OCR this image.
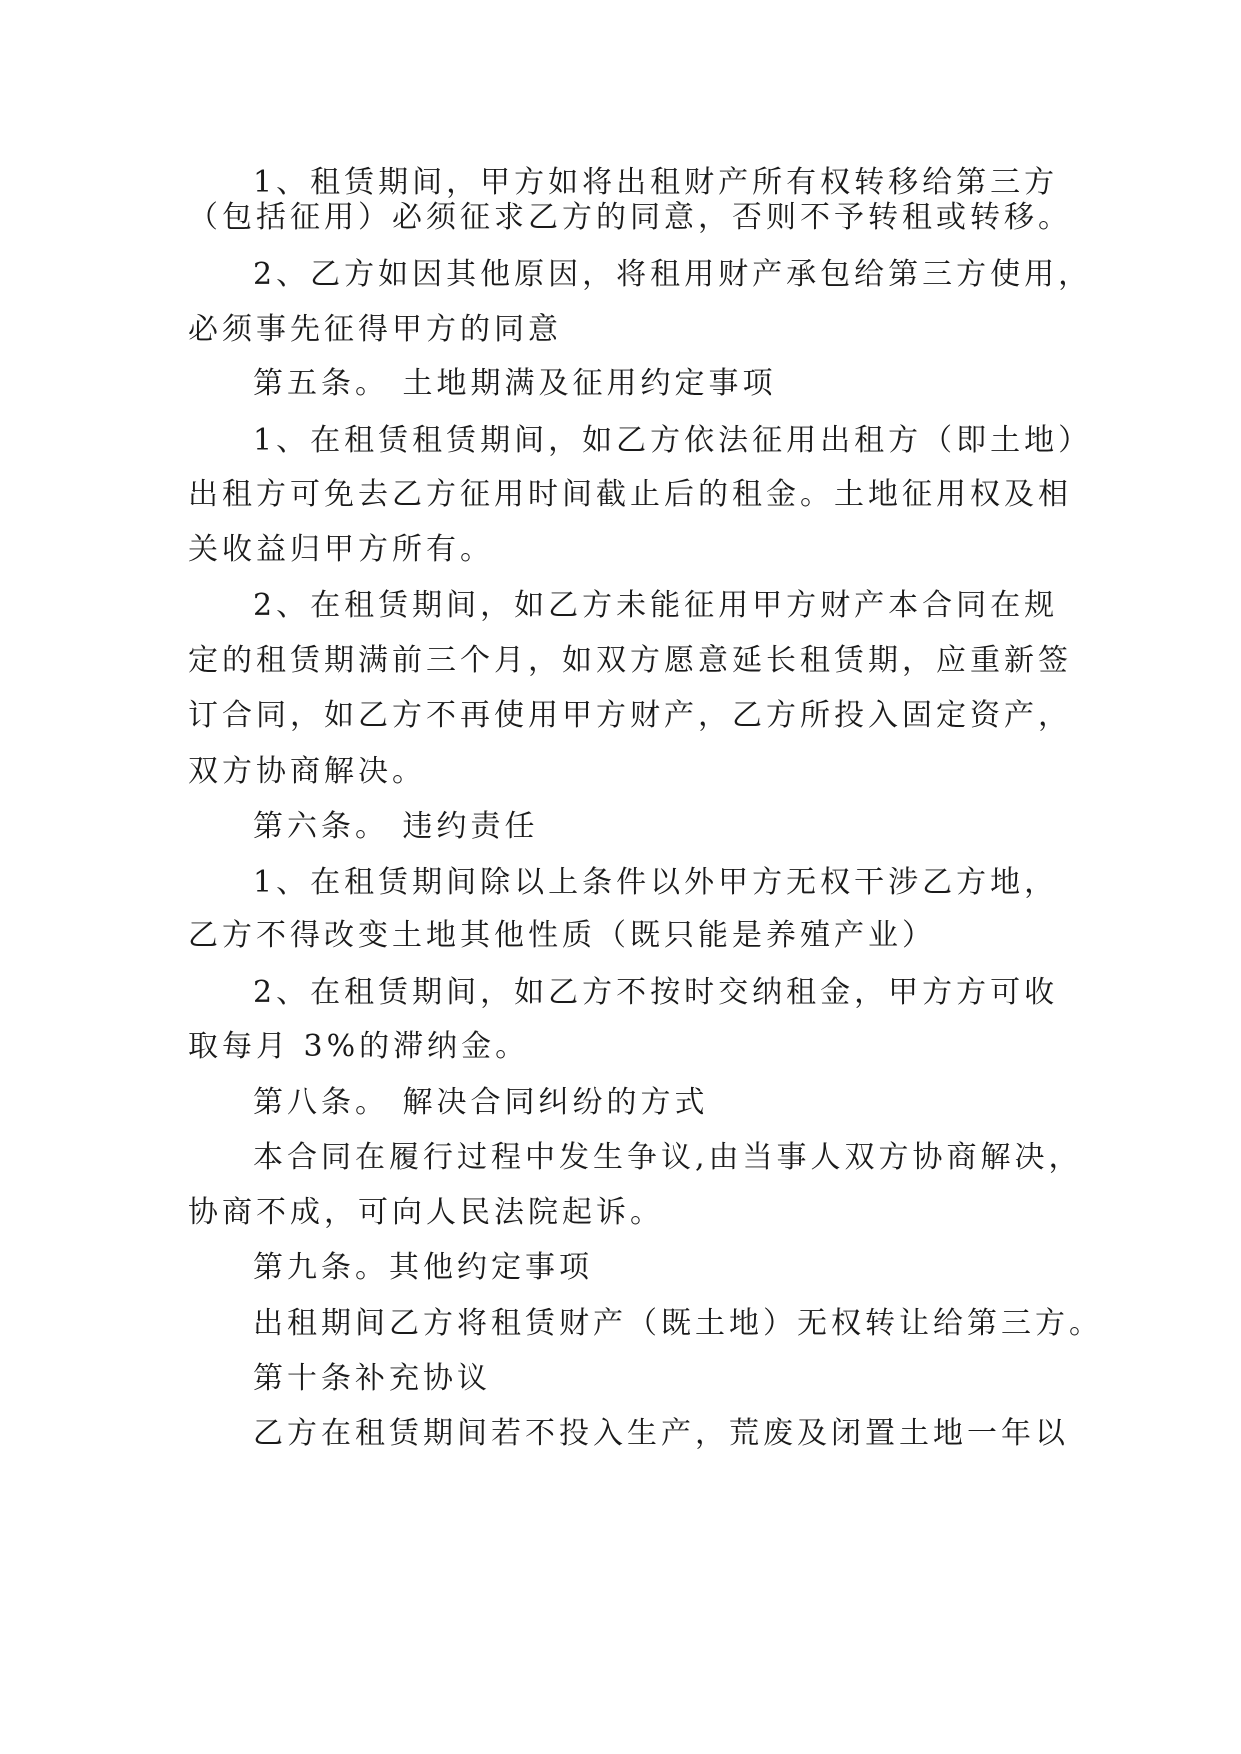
1、租赁期间，甲方如将出租财产所有权转移给第三方

（包括征用）必须征求乙方的同意，否则不予转租或转移。

2、乙方如因其他原因，将租用财产承包给第三方使用，

必须事先征得甲方的同意

第五条。 土地期满及征用约定事项

1、在租赁租赁期间，如乙方依法征用出租方（即土地）

出租方可免去乙方征用时间截止后的租金。土地征用权及相

关收益归甲方所有。

2、在租赁期间，如乙方未能征用甲方财产本合同在规

定的租赁期满前三个月，如双方愿意延长租赁期，应重新签

订合同，如乙方不再使用甲方财产，乙方所投入固定资产，

双方协商解决。

第六条。 违约责任

1、在租赁期间除以上条件以外甲方无权干涉乙方地，

乙方不得改变土地其他性质（既只能是养殖产业）

2、在租赁期间，如乙方不按时交纳租金，甲方方可收

取每月 3%的滞纳金。

第八条。 解决合同纠纷的方式

本合同在履行过程中发生争议,由当事人双方协商解决，

协商不成，可向人民法院起诉。

第九条。其他约定事项

出租期间乙方将租赁财产（既土地）无权转让给第三方。

第十条补充协议

乙方在租赁期间若不投入生产，荒废及闭置土地一年以
